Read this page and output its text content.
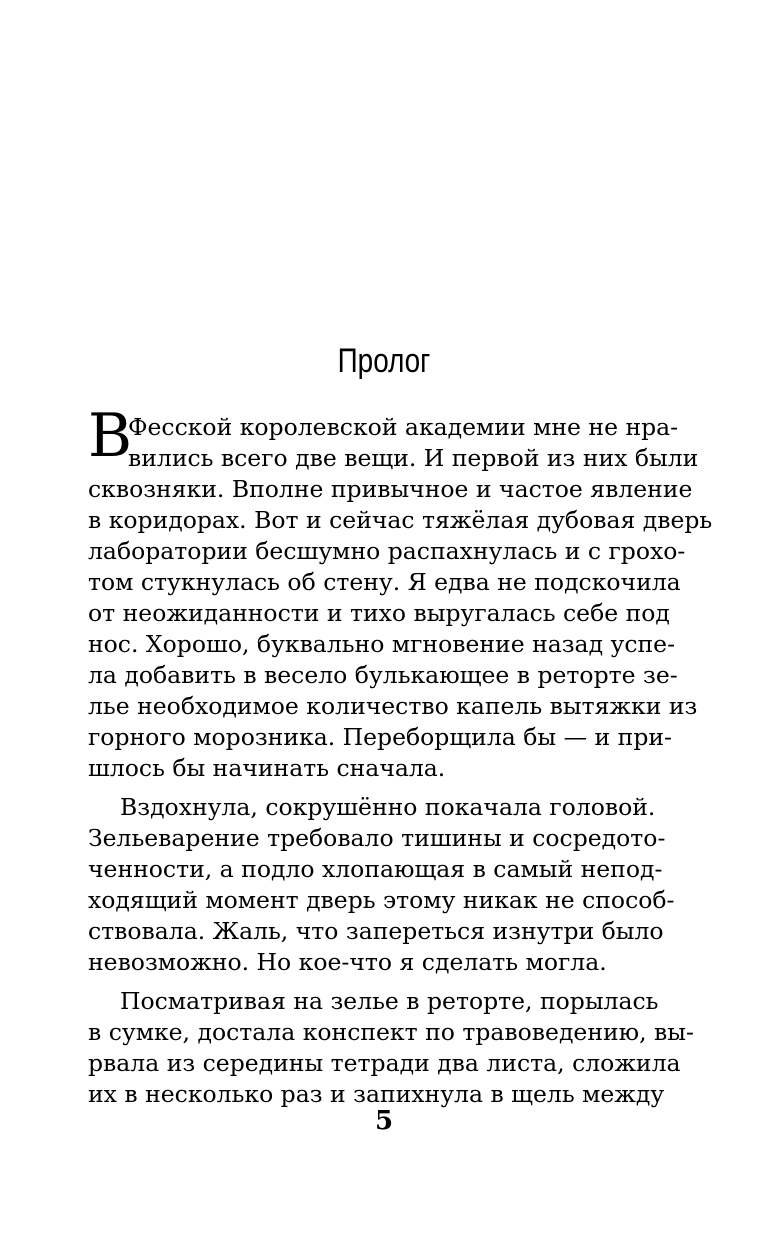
Пролог
В
Фесской королевской академии мне не нра-
вились всего две вещи. И первой из них были
сквозняки. Вполне привычное и частое явление
в коридорах. Вот и сейчас тяжёлая дубовая дверь
лаборатории бесшумно распахнулась и с грохо-
том стукнулась об стену. Я едва не подскочила
от неожиданности и тихо выругалась себе под
нос. Хорошо, буквально мгновение назад успе-
ла добавить в весело булькающее в реторте зе-
лье необходимое количество капель вытяжки из
горного морозника. Переборщила бы — и при-
шлось бы начинать сначала.
Вздохнула, сокрушённо покачала головой.
Зельеварение требовало тишины и сосредото-
ченности, а подло хлопающая в самый непод-
ходящий момент дверь этому никак не способ-
ствовала. Жаль, что запереться изнутри было
невозможно. Но кое-что я сделать могла.
Посматривая на зелье в реторте, порылась
в сумке, достала конспект по травоведению, вы-
рвала из середины тетради два листа, сложила
их в несколько раз и запихнула в щель между
5
